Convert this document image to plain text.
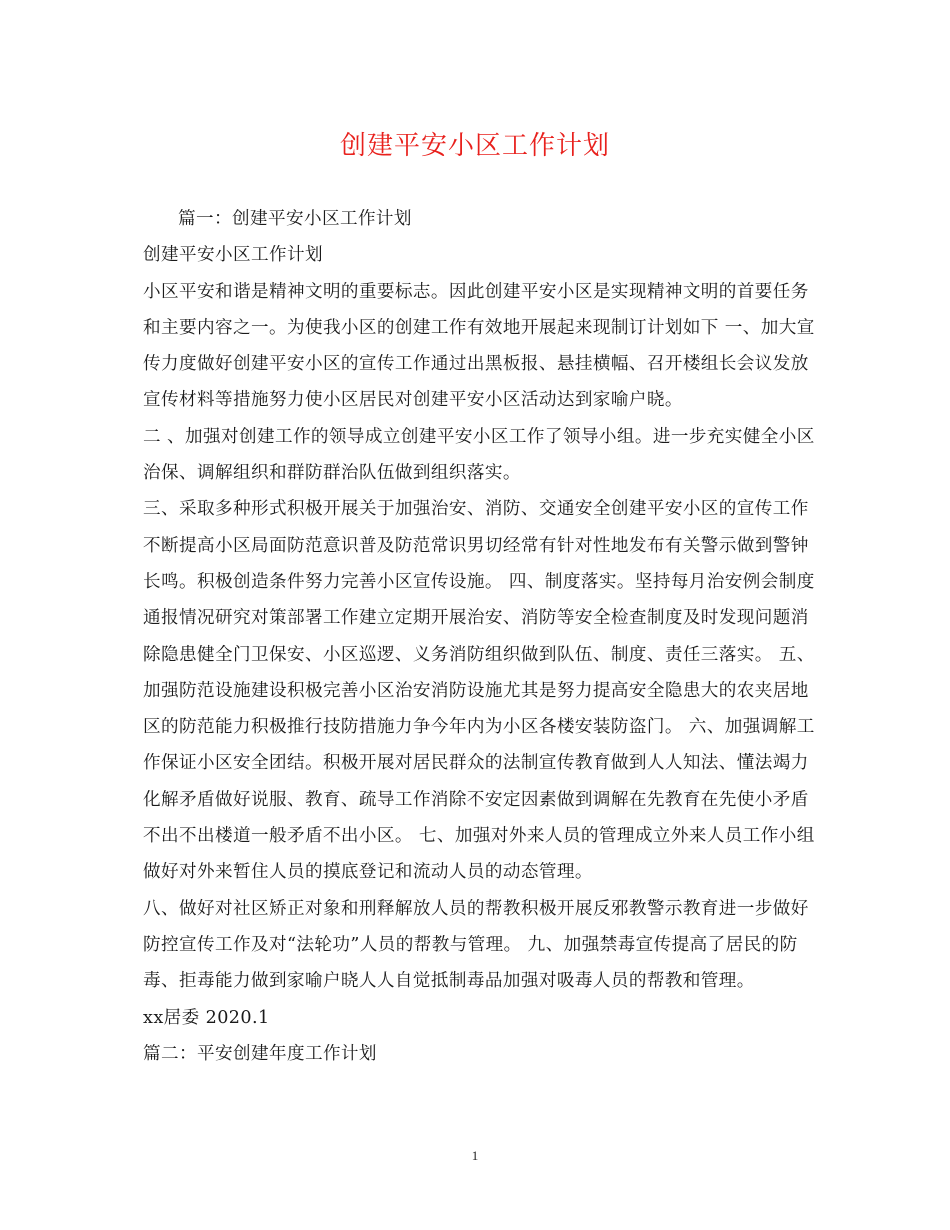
创建平安小区工作计划

篇一：创建平安小区工作计划

创建平安小区工作计划

小区平安和谐是精神文明的重要标志。因此创建平安小区是实现精神文明的首要任务和主要内容之一。为使我小区的创建工作有效地开展起来现制订计划如下 一、加大宣传力度做好创建平安小区的宣传工作通过出黑板报、悬挂横幅、召开楼组长会议发放宣传材料等措施努力使小区居民对创建平安小区活动达到家喻户晓。

二 、加强对创建工作的领导成立创建平安小区工作了领导小组。进一步充实健全小区治保、调解组织和群防群治队伍做到组织落实。

三、采取多种形式积极开展关于加强治安、消防、交通安全创建平安小区的宣传工作不断提高小区局面防范意识普及防范常识男切经常有针对性地发布有关警示做到警钟长鸣。积极创造条件努力完善小区宣传设施。 四、制度落实。坚持每月治安例会制度通报情况研究对策部署工作建立定期开展治安、消防等安全检查制度及时发现问题消除隐患健全门卫保安、小区巡逻、义务消防组织做到队伍、制度、责任三落实。 五、加强防范设施建设积极完善小区治安消防设施尤其是努力提高安全隐患大的农夹居地区的防范能力积极推行技防措施力争今年内为小区各楼安装防盗门。 六、加强调解工作保证小区安全团结。积极开展对居民群众的法制宣传教育做到人人知法、懂法竭力化解矛盾做好说服、教育、疏导工作消除不安定因素做到调解在先教育在先使小矛盾不出不出楼道一般矛盾不出小区。 七、加强对外来人员的管理成立外来人员工作小组做好对外来暂住人员的摸底登记和流动人员的动态管理。

八、做好对社区矫正对象和刑释解放人员的帮教积极开展反邪教警示教育进一步做好防控宣传工作及对“法轮功”人员的帮教与管理。 九、加强禁毒宣传提高了居民的防毒、拒毒能力做到家喻户晓人人自觉抵制毒品加强对吸毒人员的帮教和管理。

xx居委 2020.1

篇二：平安创建年度工作计划

1
